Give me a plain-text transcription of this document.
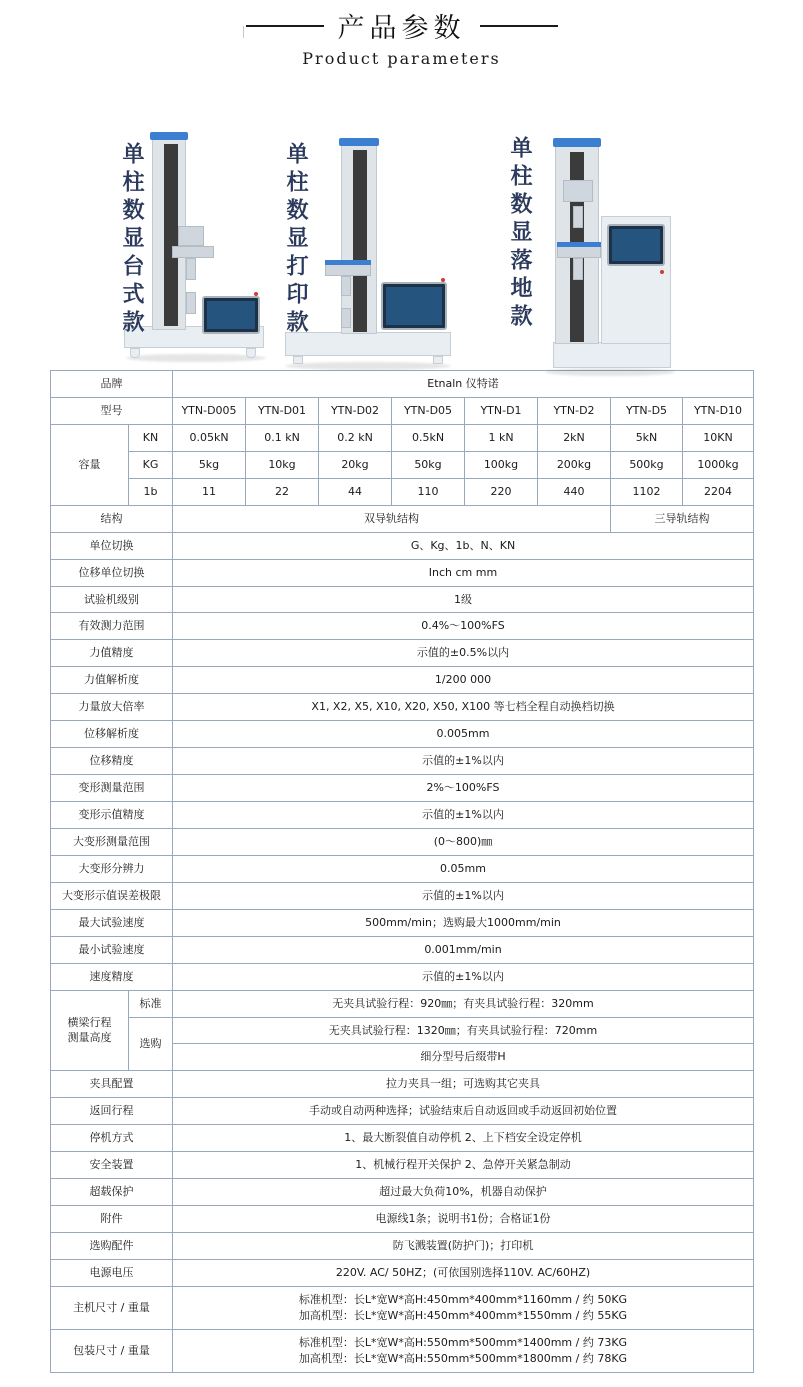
产品参数
Product parameters
单柱数显台式款	单柱数显打印款	单柱数显落地款
品牌		Etnaln 仪特诺							
型号		YTN-D005	YTN-D01	YTN-D02	YTN-D05	YTN-D1	YTN-D2	YTN-D5	YTN-D10
容量	KN	0.05kN	0.1 kN	0.2 kN	0.5kN	1 kN	2kN	5kN	10KN
	KG	5kg	10kg	20kg	50kg	100kg	200kg	500kg	1000kg
	1b	11	22	44	110	220	440	1102	2204
结构		双导轨结构						三导轨结构	
单位切换		G、Kg、1b、N、KN							
位移单位切换		Inch cm mm							
试验机级别		1级							
有效测力范围		0.4%～100%FS							
力值精度		示值的±0.5%以内							
力值解析度		1/200 000							
力量放大倍率		X1, X2, X5, X10, X20, X50, X100 等七档全程自动换档切换							
位移解析度		0.005mm							
位移精度		示值的±1%以内							
变形测量范围		2%～100%FS							
变形示值精度		示值的±1%以内							
大变形测量范围		(0～800)㎜							
大变形分辨力		0.05mm							
大变形示值误差极限		示值的±1%以内							
最大试验速度		500mm/min；选购最大1000mm/min							
最小试验速度		0.001mm/min							
速度精度		示值的±1%以内							

横梁行程
测量高度	标准	无夹具试验行程：920㎜；有夹具试验行程：320mm							
	选购	无夹具试验行程：1320㎜；有夹具试验行程：720mm							
		细分型号后缀带H							
夹具配置		拉力夹具一组；可选购其它夹具							
返回行程		手动或自动两种选择；试验结束后自动返回或手动返回初始位置							
停机方式		1、最大断裂值自动停机 2、上下档安全设定停机							
安全装置		1、机械行程开关保护 2、急停开关紧急制动							
超载保护		超过最大负荷10%，机器自动保护							
附件		电源线1条；说明书1份；合格证1份							
选购配件		防飞溅装置(防护门)；打印机							
电源电压		220V. AC/ 50HZ；(可依国别选择110V. AC/60HZ)							
主机尺寸 / 重量		标准机型：长L*宽W*高H:450mm*400mm*1160mm / 约 50KG
加高机型：长L*宽W*高H:450mm*400mm*1550mm / 约 55KG							

包装尺寸 / 重量		标准机型：长L*宽W*高H:550mm*500mm*1400mm / 约 73KG
加高机型：长L*宽W*高H:550mm*500mm*1800mm / 约 78KG							
